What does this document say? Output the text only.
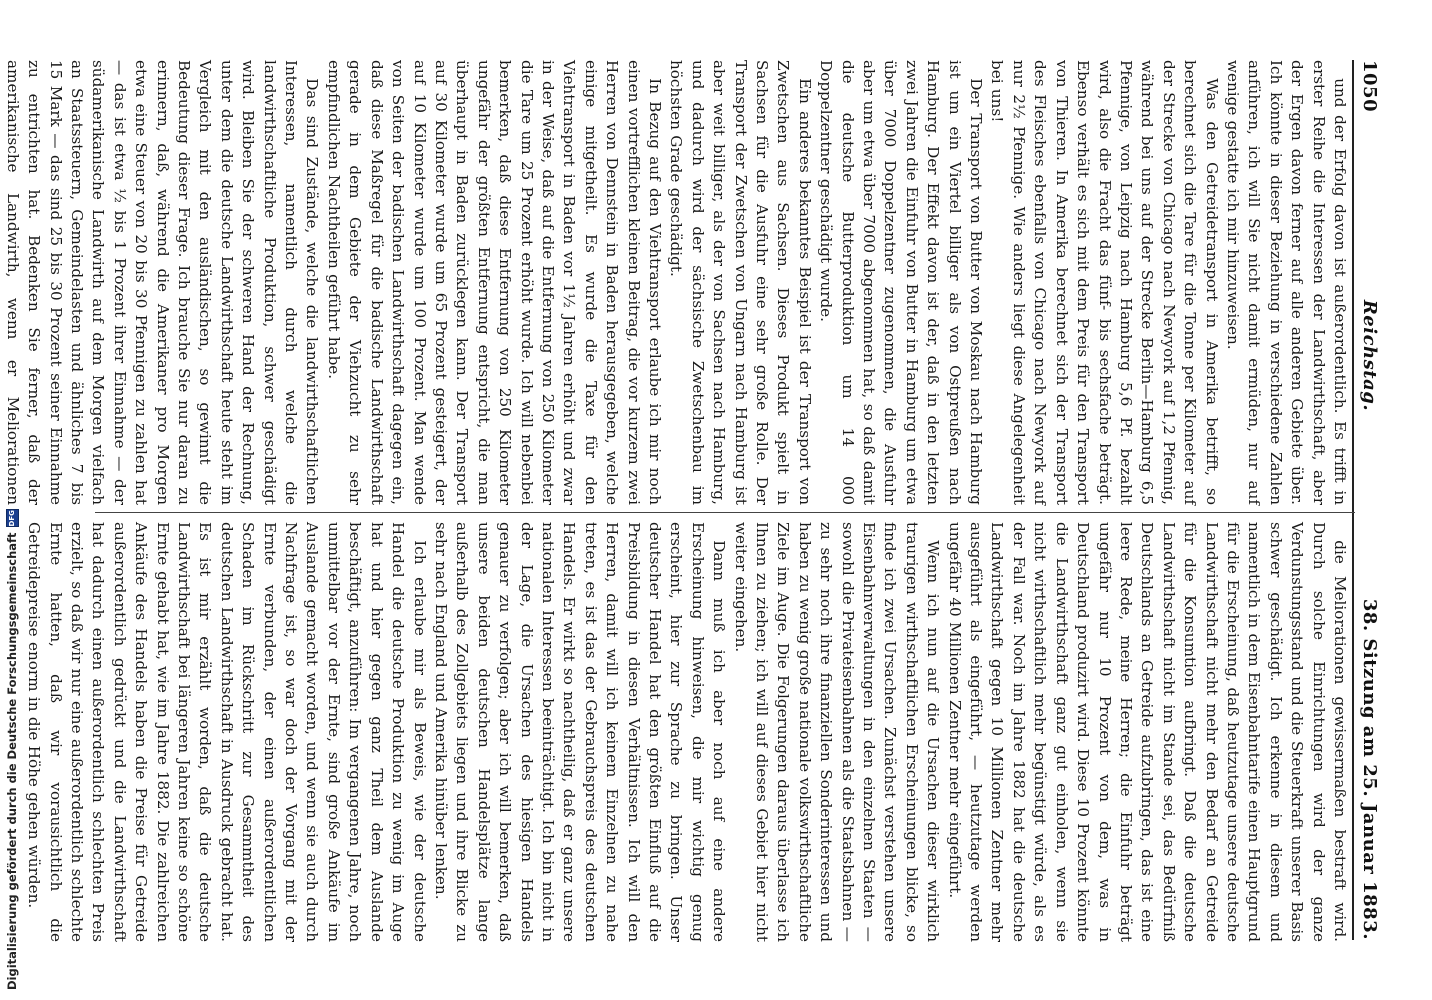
1050
Reichstag.
38. Sitzung am 25. Januar 1883.

und der Erfolg davon ist außerordentlich. Es trifft in erster Reihe die Interessen der Landwirthschaft, aber der Ergen davon ferner auf alle anderen Gebiete über. Ich könnte in dieser Beziehung in verschiedene Zahlen anführen, ich will Sie nicht damit ermüden, nur auf wenige gestatte ich mir hinzuweisen.

Was den Getreidetransport in Amerika betrifft, so berechnet sich die Tare für die Tonne per Kilometer auf der Strecke von Chicago nach Newyork auf 1,2 Pfennig, während bei uns auf der Strecke Berlin—Hamburg 6,5 Pfennige, von Leipzig nach Hamburg 5,6 Pf. bezahlt wird, also die Fracht das fünf- bis sechsfache beträgt. Ebenso verhält es sich mit dem Preis für den Transport von Thieren. In Amerika berechnet sich der Transport des Fleisches ebenfalls von Chicago nach Newyork auf nur 2½ Pfennige. Wie anders liegt diese Angelegenheit bei uns!

Der Transport von Butter von Moskau nach Hamburg ist um ein Viertel billiger als von Ostpreußen nach Hamburg. Der Effekt davon ist der, daß in den letzten zwei Jahren die Einfuhr von Butter in Hamburg um etwa über 7000 Doppelzentner zugenommen, die Ausfuhr aber um etwa über 7000 abgenommen hat, so daß damit die deutsche Butterproduktion um 14 000 Doppelzentner geschädigt wurde.

Ein anderes bekanntes Beispiel ist der Transport von Zwetschen aus Sachsen. Dieses Produkt spielt in Sachsen für die Ausfuhr eine sehr große Rolle. Der Transport der Zwetschen von Ungarn nach Hamburg ist aber weit billiger, als der von Sachsen nach Hamburg, und dadurch wird der sächsische Zwetschenbau im höchsten Grade geschädigt.

In Bezug auf den Viehtransport erlaube ich mir noch einen vortrefflichen kleinen Beitrag, die vor kurzem zwei Herren von Dennstein in Baden herausgegeben, welche einige mitgetheilt. Es wurde die Taxe für den Viehtransport in Baden vor 1½ Jahren erhöht und zwar in der Weise, daß auf die Entfernung von 250 Kilometer die Tare um 25 Prozent erhöht wurde. Ich will nebenbei bemerken, daß diese Entfernung von 250 Kilometer ungefähr der größten Entfernung entspricht, die man überhaupt in Baden zurücklegen kann. Der Transport auf 30 Kilometer wurde um 65 Prozent gesteigert, der auf 10 Kilometer wurde um 100 Prozent. Man wende von Seiten der badischen Landwirthschaft dagegen ein, daß diese Maßregel für die badische Landwirthschaft gerade in dem Gebiete der Viehzucht zu sehr empfindlichen Nachtheilen geführt habe.

Das sind Zustände, welche die landwirthschaftlichen Interessen, namentlich durch welche die landwirthschaftliche Produktion, schwer geschädigt wird. Bleiben Sie der schweren Hand der Rechnung, unter dem die deutsche Landwirthschaft heute steht im Vergleich mit den ausländischen, so gewinnt die Bedeutung dieser Frage. Ich brauche Sie nur daran zu erinnern, daß, während die Amerikaner pro Morgen etwa eine Steuer von 20 bis 30 Pfennigen zu zahlen hat — das ist etwa ½ bis 1 Prozent ihrer Einnahme — der südamerikanische Landwirth auf dem Morgen vielfach an Staatssteuern, Gemeindelasten und ähnliches 7 bis 15 Mark — das sind 25 bis 30 Prozent seiner Einnahme zu entrichten hat. Bedenken Sie ferner, daß der amerikanische Landwirth, wenn er Meliorationen

die Meliorationen gewissermaßen bestraft wird. Durch solche Einrichtungen wird der ganze Verdunstungsstand und die Steuerkraft unserer Basis schwer geschädigt. Ich erkenne in diesem und namentlich in dem Eisenbahntarife einen Hauptgrund für die Erscheinung, daß heutzutage unsere deutsche Landwirthschaft nicht mehr den Bedarf an Getreide für die Konsumtion aufbringt. Daß die deutsche Landwirthschaft nicht im Stande sei, das Bedürfniß Deutschlands an Getreide aufzubringen, das ist eine leere Rede, meine Herren; die Einfuhr beträgt ungefähr nur 10 Prozent von dem, was in Deutschland produzirt wird. Diese 10 Prozent könnte die Landwirthschaft ganz gut einholen, wenn sie nicht wirthschaftlich mehr begünstigt würde, als es der Fall war. Noch im Jahre 1882 hat die deutsche Landwirthschaft gegen 10 Millionen Zentner mehr ausgeführt als eingeführt, — heutzutage werden ungefähr 40 Millionen Zentner mehr eingeführt.

Wenn ich nun auf die Ursachen dieser wirklich traurigen wirthschaftlichen Erscheinungen blicke, so finde ich zwei Ursachen. Zunächst verstehen unsere Eisenbahnverwaltungen in den einzelnen Staaten — sowohl die Privateisenbahnen als die Staatsbahnen — zu sehr noch ihre finanziellen Sonderinteressen und haben zu wenig große nationale volkswirthschaftliche Ziele im Auge. Die Folgerungen daraus überlasse ich Ihnen zu ziehen; ich will auf dieses Gebiet hier nicht weiter eingehen.

Dann muß ich aber noch auf eine andere Erscheinung hinweisen, die mir wichtig genug erscheint, hier zur Sprache zu bringen. Unser deutscher Handel hat den größten Einfluß auf die Preisbildung in diesen Verhältnissen. Ich will den Herren, damit will ich keinem Einzelnen zu nahe treten, es ist das der Gebrauchspreis des deutschen Handels. Er wirkt so nachtheilig, daß er ganz unsere nationalen Interessen beeinträchtigt. Ich bin nicht in der Lage, die Ursachen des hiesigen Handels genauer zu verfolgen; aber ich will bemerken, daß unsere beiden deutschen Handelsplätze lange außerhalb des Zollgebiets liegen und ihre Blicke zu sehr nach England und Amerika hinüber lenken.

Ich erlaube mir als Beweis, wie der deutsche Handel die deutsche Produktion zu wenig im Auge hat und hier gegen ganz Theil dem Auslande beschäftigt, anzuführen: Im vergangenen Jahre, noch unmittelbar vor der Ernte, sind große Ankäufe im Auslande gemacht worden, und wenn sie auch durch Nachfrage ist, so war doch der Vorgang mit der Ernte verbunden, der einen außerordentlichen Schaden im Rückschritt zur Gesammtheit des deutschen Landwirthschaft in Ausdruck gebracht hat. Es ist mir erzählt worden, daß die deutsche Landwirthschaft bei längeren Jahren keine so schöne Ernte gehabt hat, wie im Jahre 1882. Die zahlreichen Ankäufe des Handels haben die Preise für Getreide außerordentlich gedrückt und die Landwirthschaft hat dadurch einen außerordentlich schlechten Preis erzielt, so daß wir nur eine außerordentlich schlechte Ernte hatten, daß wir vorausichtlich die Getreidepreise enorm in die Höhe gehen würden.

Digitalisierung gefördert durch die Deutsche Forschungsgemeinschaft
DFG
